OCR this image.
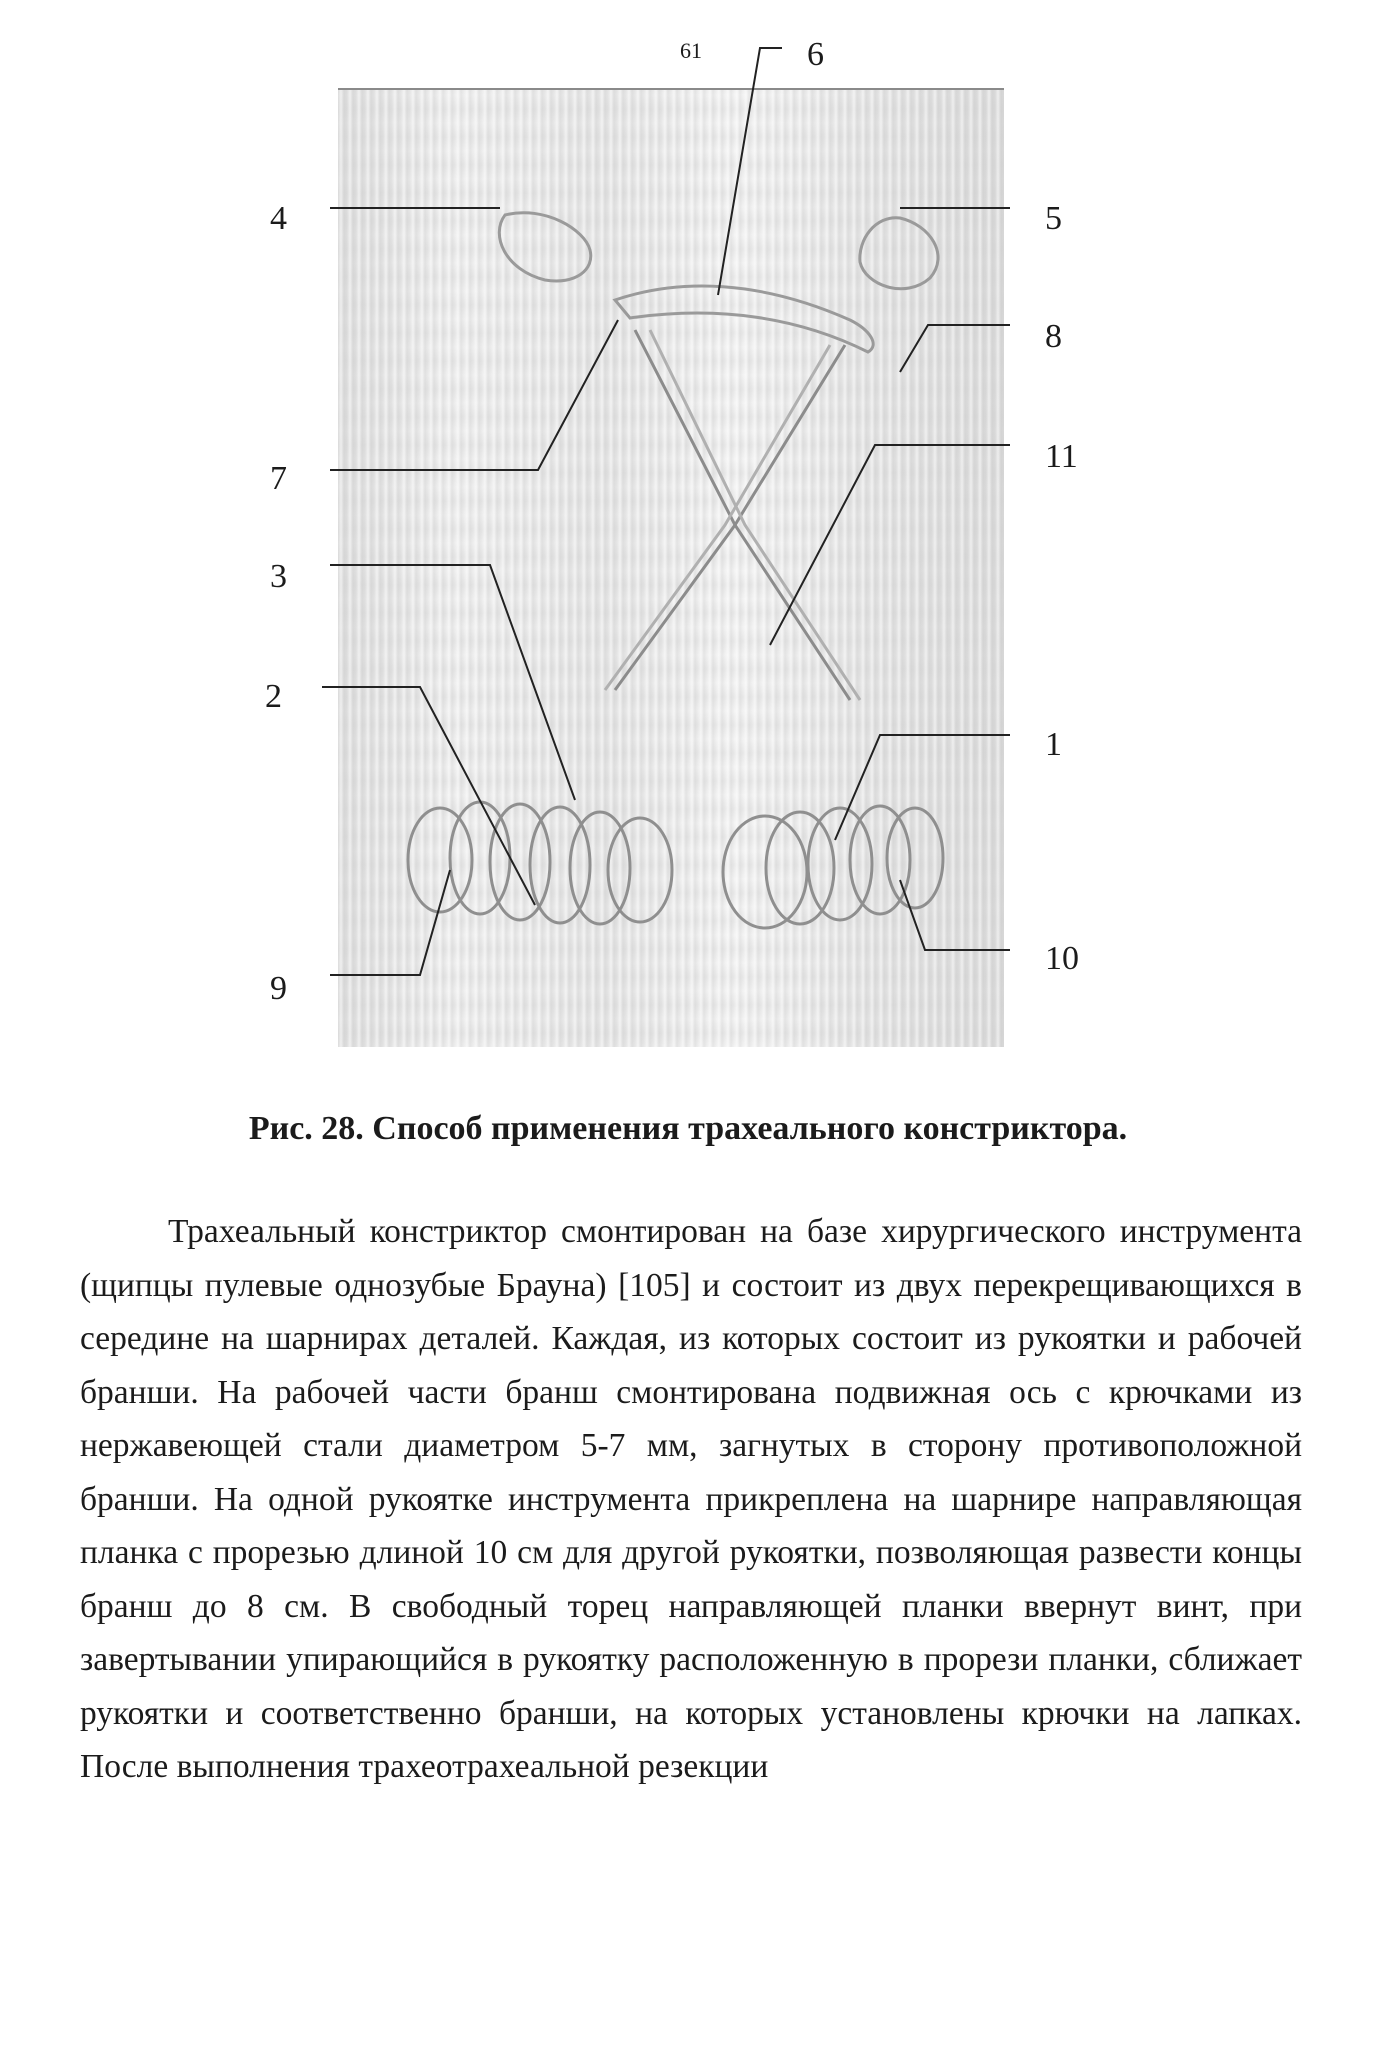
61	6
4	5
8
11
7
3
2
1
10
9
Рис. 28. Способ применения трахеального констриктора.

Трахеальный констриктор смонтирован на базе хирургического инструмента (щипцы пулевые однозубые Брауна) [105] и состоит из двух перекрещивающихся в середине на шарнирах деталей. Каждая, из которых состоит из рукоятки и рабочей бранши. На рабочей части бранш смонтирована подвижная ось с крючками из нержавеющей стали диаметром 5-7 мм, загнутых в сторону противоположной бранши. На одной рукоятке инструмента прикреплена на шарнире направляющая планка с прорезью длиной 10 см для другой рукоятки, позволяющая развести концы бранш до 8 см. В свободный торец направляющей планки ввернут винт, при завертывании упирающийся в рукоятку расположенную в прорези планки, сближает рукоятки и соответственно бранши, на которых установлены крючки на лапках. После выполнения трахеотрахеальной резекции
